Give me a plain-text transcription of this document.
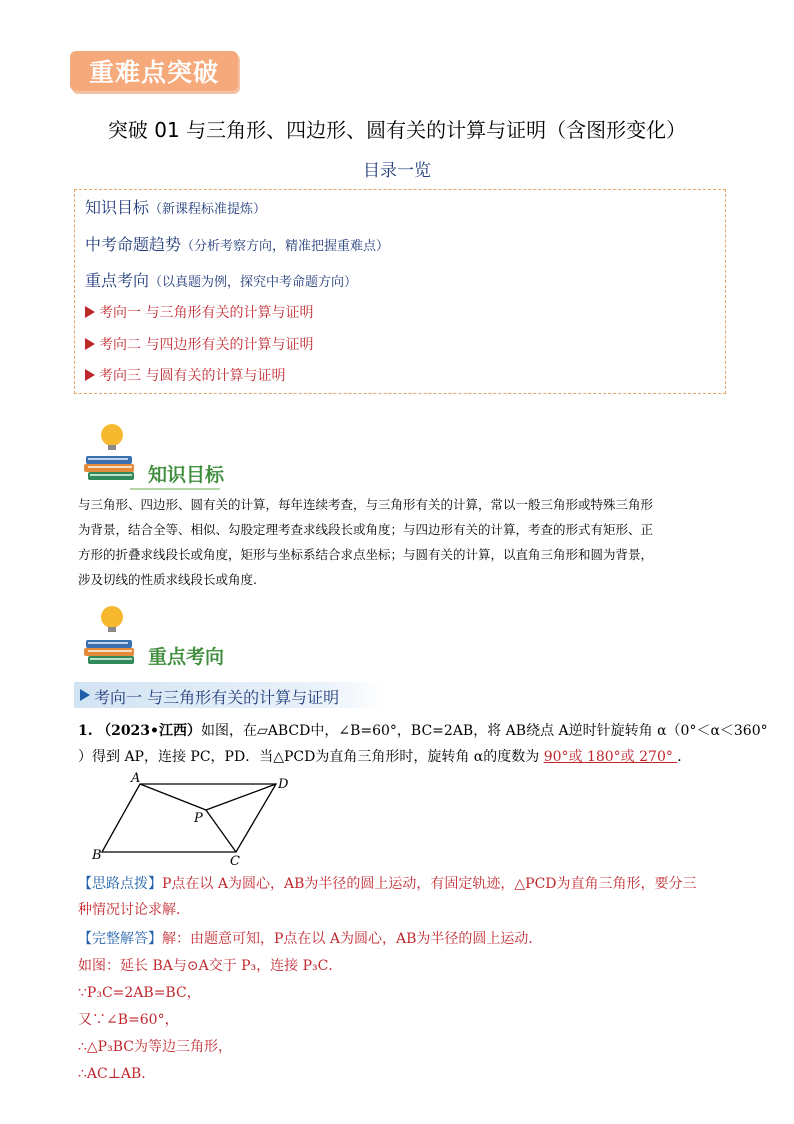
重难点突破
突破 01 与三角形、四边形、圆有关的计算与证明（含图形变化）
目录一览
知识目标（新课程标准提炼）
中考命题趋势（分析考察方向，精准把握重难点）
重点考向（以真题为例，探究中考命题方向）
考向一 与三角形有关的计算与证明
考向二 与四边形有关的计算与证明
考向三 与圆有关的计算与证明
知识目标
与三角形、四边形、圆有关的计算，每年连续考查，与三角形有关的计算，常以一般三角形或特殊三角形
为背景，结合全等、相似、勾股定理考查求线段长或角度；与四边形有关的计算，考查的形式有矩形、正
方形的折叠求线段长或角度，矩形与坐标系结合求点坐标；与圆有关的计算，以直角三角形和圆为背景，
涉及切线的性质求线段长或角度.
重点考向
考向一 与三角形有关的计算与证明
1. （2023•江西）如图，在▱ABCD中，∠B=60°，BC=2AB，将 AB绕点 A逆时针旋转角 α（0°＜α＜360°
）得到 AP，连接 PC，PD．当△PCD为直角三角形时，旋转角 α的度数为 90°或 180°或 270° ．
A	D
P
B	C
【思路点拨】P点在以 A为圆心，AB为半径的圆上运动，有固定轨迹，△PCD为直角三角形，要分三
种情况讨论求解．
【完整解答】解：由题意可知，P点在以 A为圆心，AB为半径的圆上运动．
如图：延长 BA与⊙A交于 P₃，连接 P₃C．
∵P₃C=2AB=BC，
又∵∠B=60°，
∴△P₃BC为等边三角形，
∴AC⊥AB．
